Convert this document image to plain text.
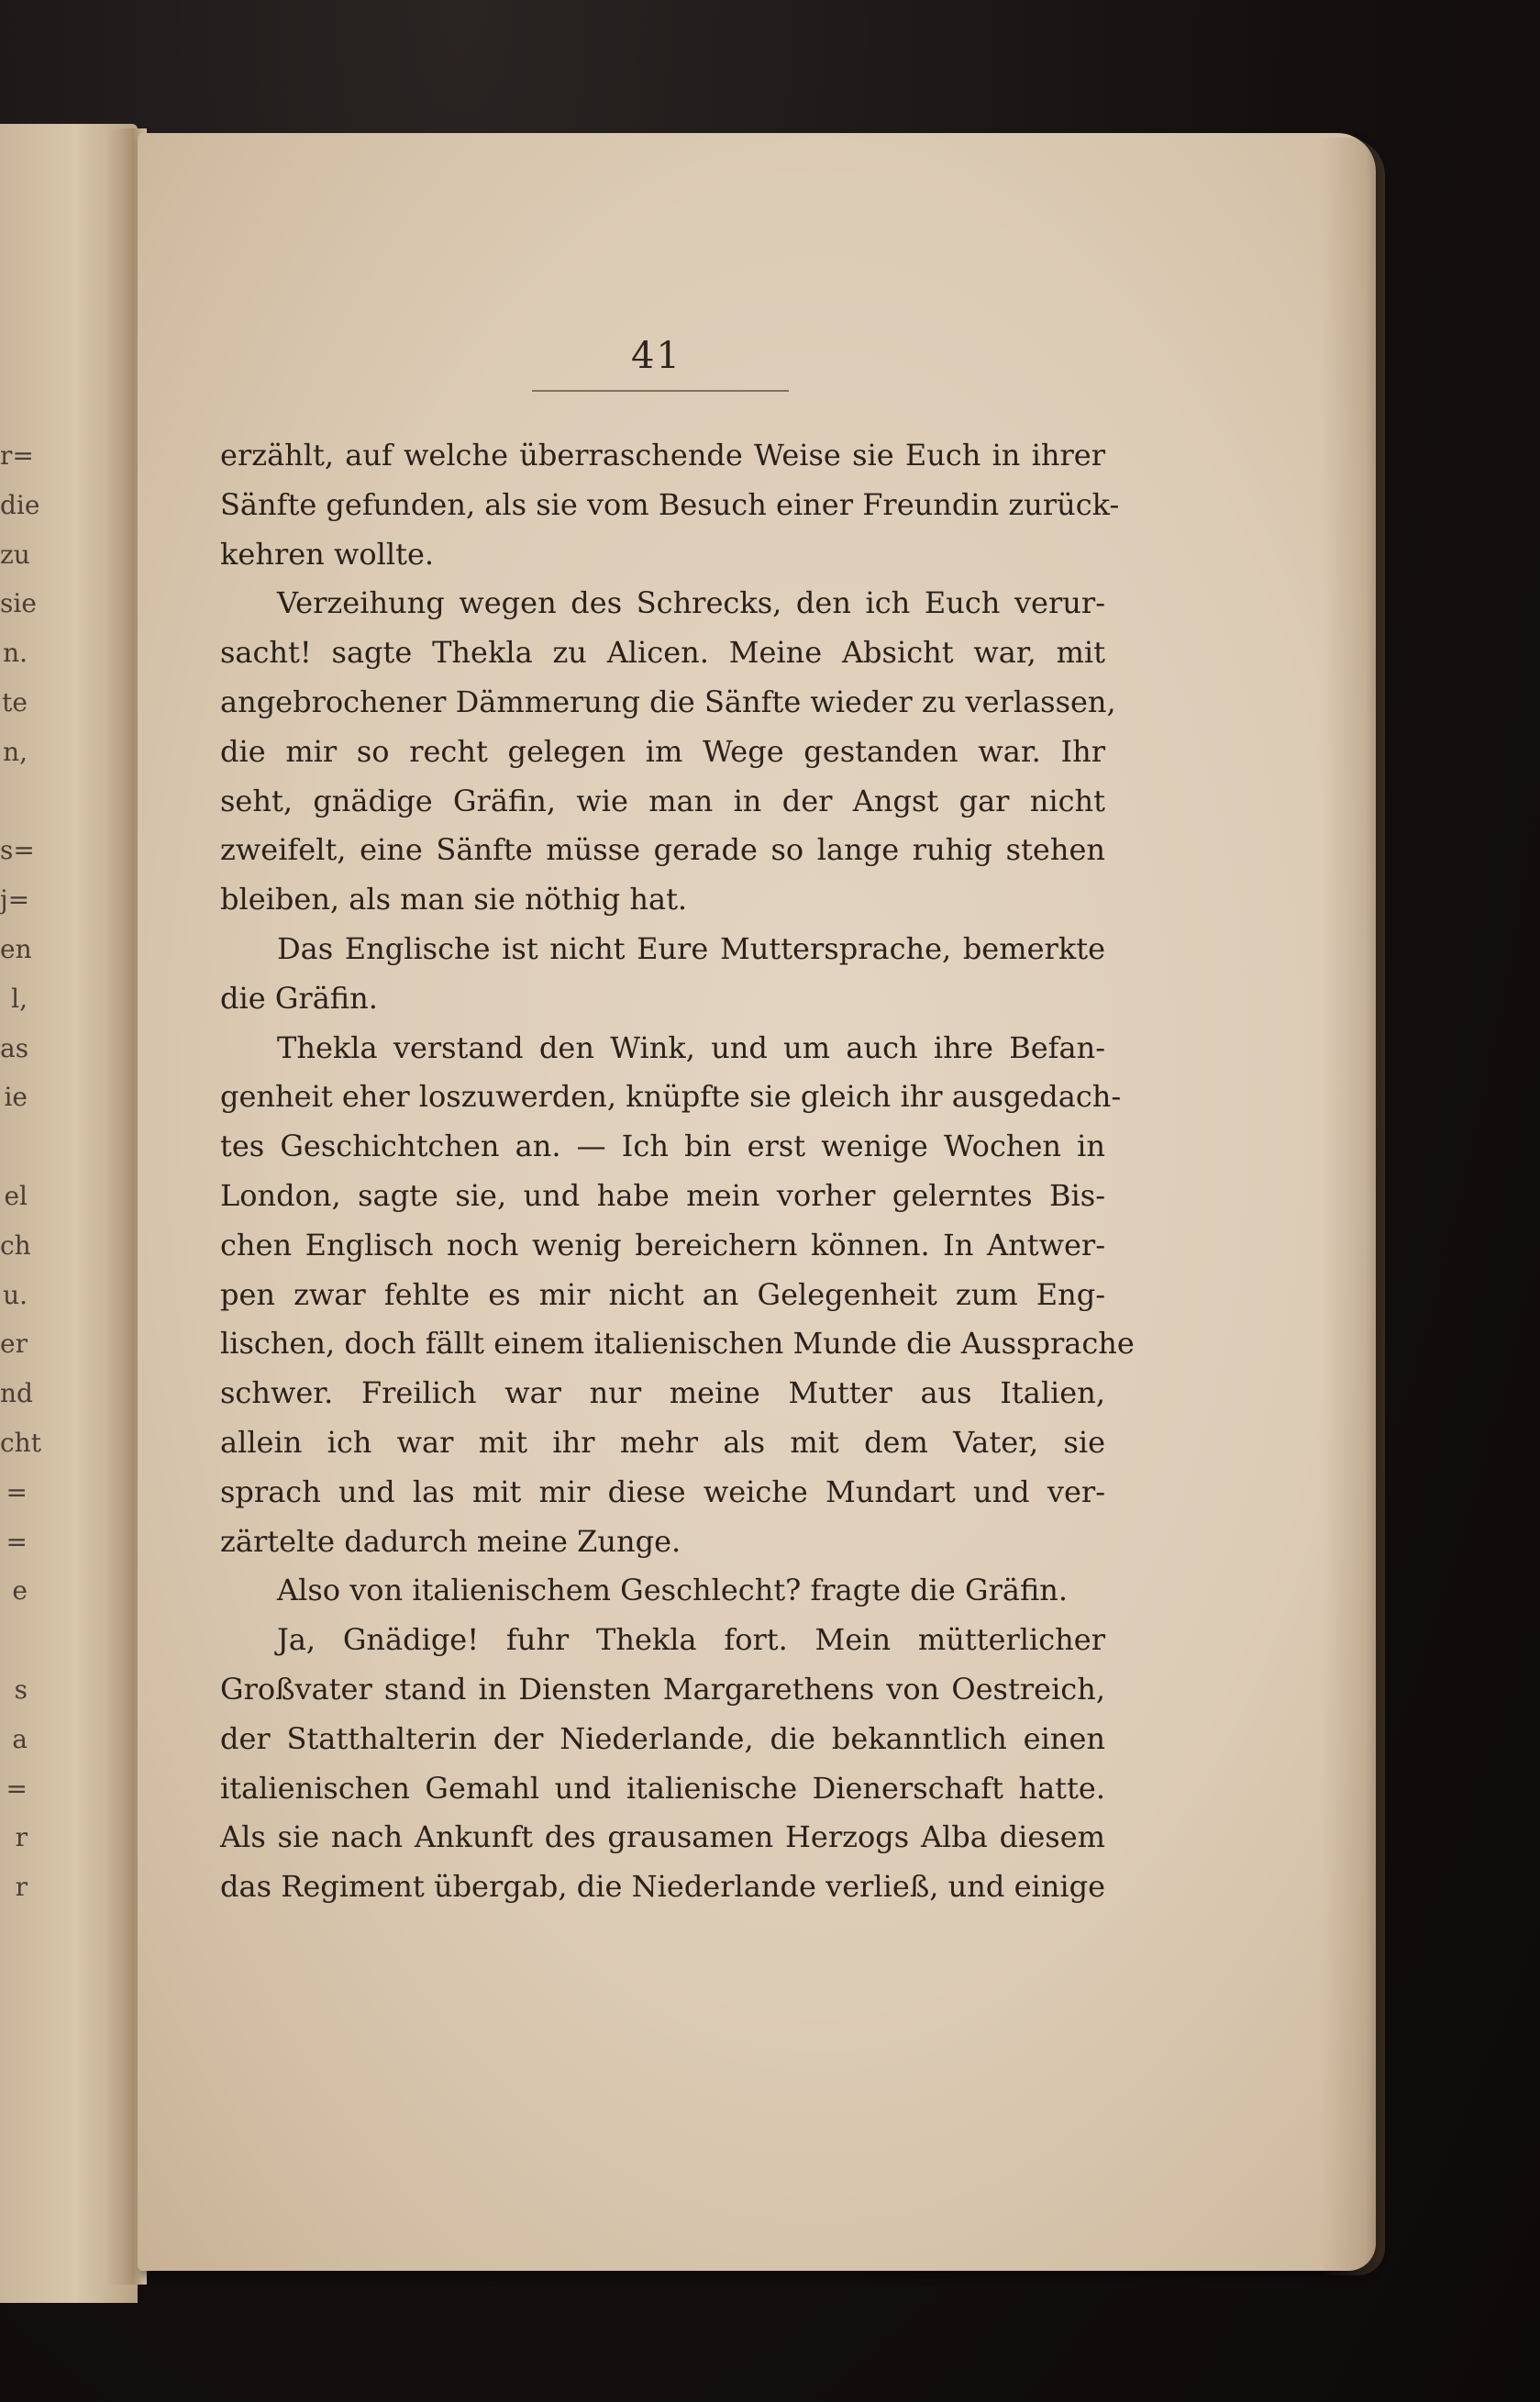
r=
die
zu
sie
n.
te
n,
s=
j=
en
l,
as
ie
el
ch
u.
er
nd
cht
=
=
e
s
a
=
r
r
41
erzählt, auf welche überraschende Weise sie Euch in ihrer
Sänfte gefunden, als sie vom Besuch einer Freundin zurück-
kehren wollte.
Verzeihung wegen des Schrecks, den ich Euch verur-
sacht! sagte Thekla zu Alicen. Meine Absicht war, mit
angebrochener Dämmerung die Sänfte wieder zu verlassen,
die mir so recht gelegen im Wege gestanden war. Ihr
seht, gnädige Gräfin, wie man in der Angst gar nicht
zweifelt, eine Sänfte müsse gerade so lange ruhig stehen
bleiben, als man sie nöthig hat.
Das Englische ist nicht Eure Muttersprache, bemerkte
die Gräfin.
Thekla verstand den Wink, und um auch ihre Befan-
genheit eher loszuwerden, knüpfte sie gleich ihr ausgedach-
tes Geschichtchen an. — Ich bin erst wenige Wochen in
London, sagte sie, und habe mein vorher gelerntes Bis-
chen Englisch noch wenig bereichern können. In Antwer-
pen zwar fehlte es mir nicht an Gelegenheit zum Eng-
lischen, doch fällt einem italienischen Munde die Aussprache
schwer. Freilich war nur meine Mutter aus Italien,
allein ich war mit ihr mehr als mit dem Vater, sie
sprach und las mit mir diese weiche Mundart und ver-
zärtelte dadurch meine Zunge.
Also von italienischem Geschlecht? fragte die Gräfin.
Ja, Gnädige! fuhr Thekla fort. Mein mütterlicher
Großvater stand in Diensten Margarethens von Oestreich,
der Statthalterin der Niederlande, die bekanntlich einen
italienischen Gemahl und italienische Dienerschaft hatte.
Als sie nach Ankunft des grausamen Herzogs Alba diesem
das Regiment übergab, die Niederlande verließ, und einige
